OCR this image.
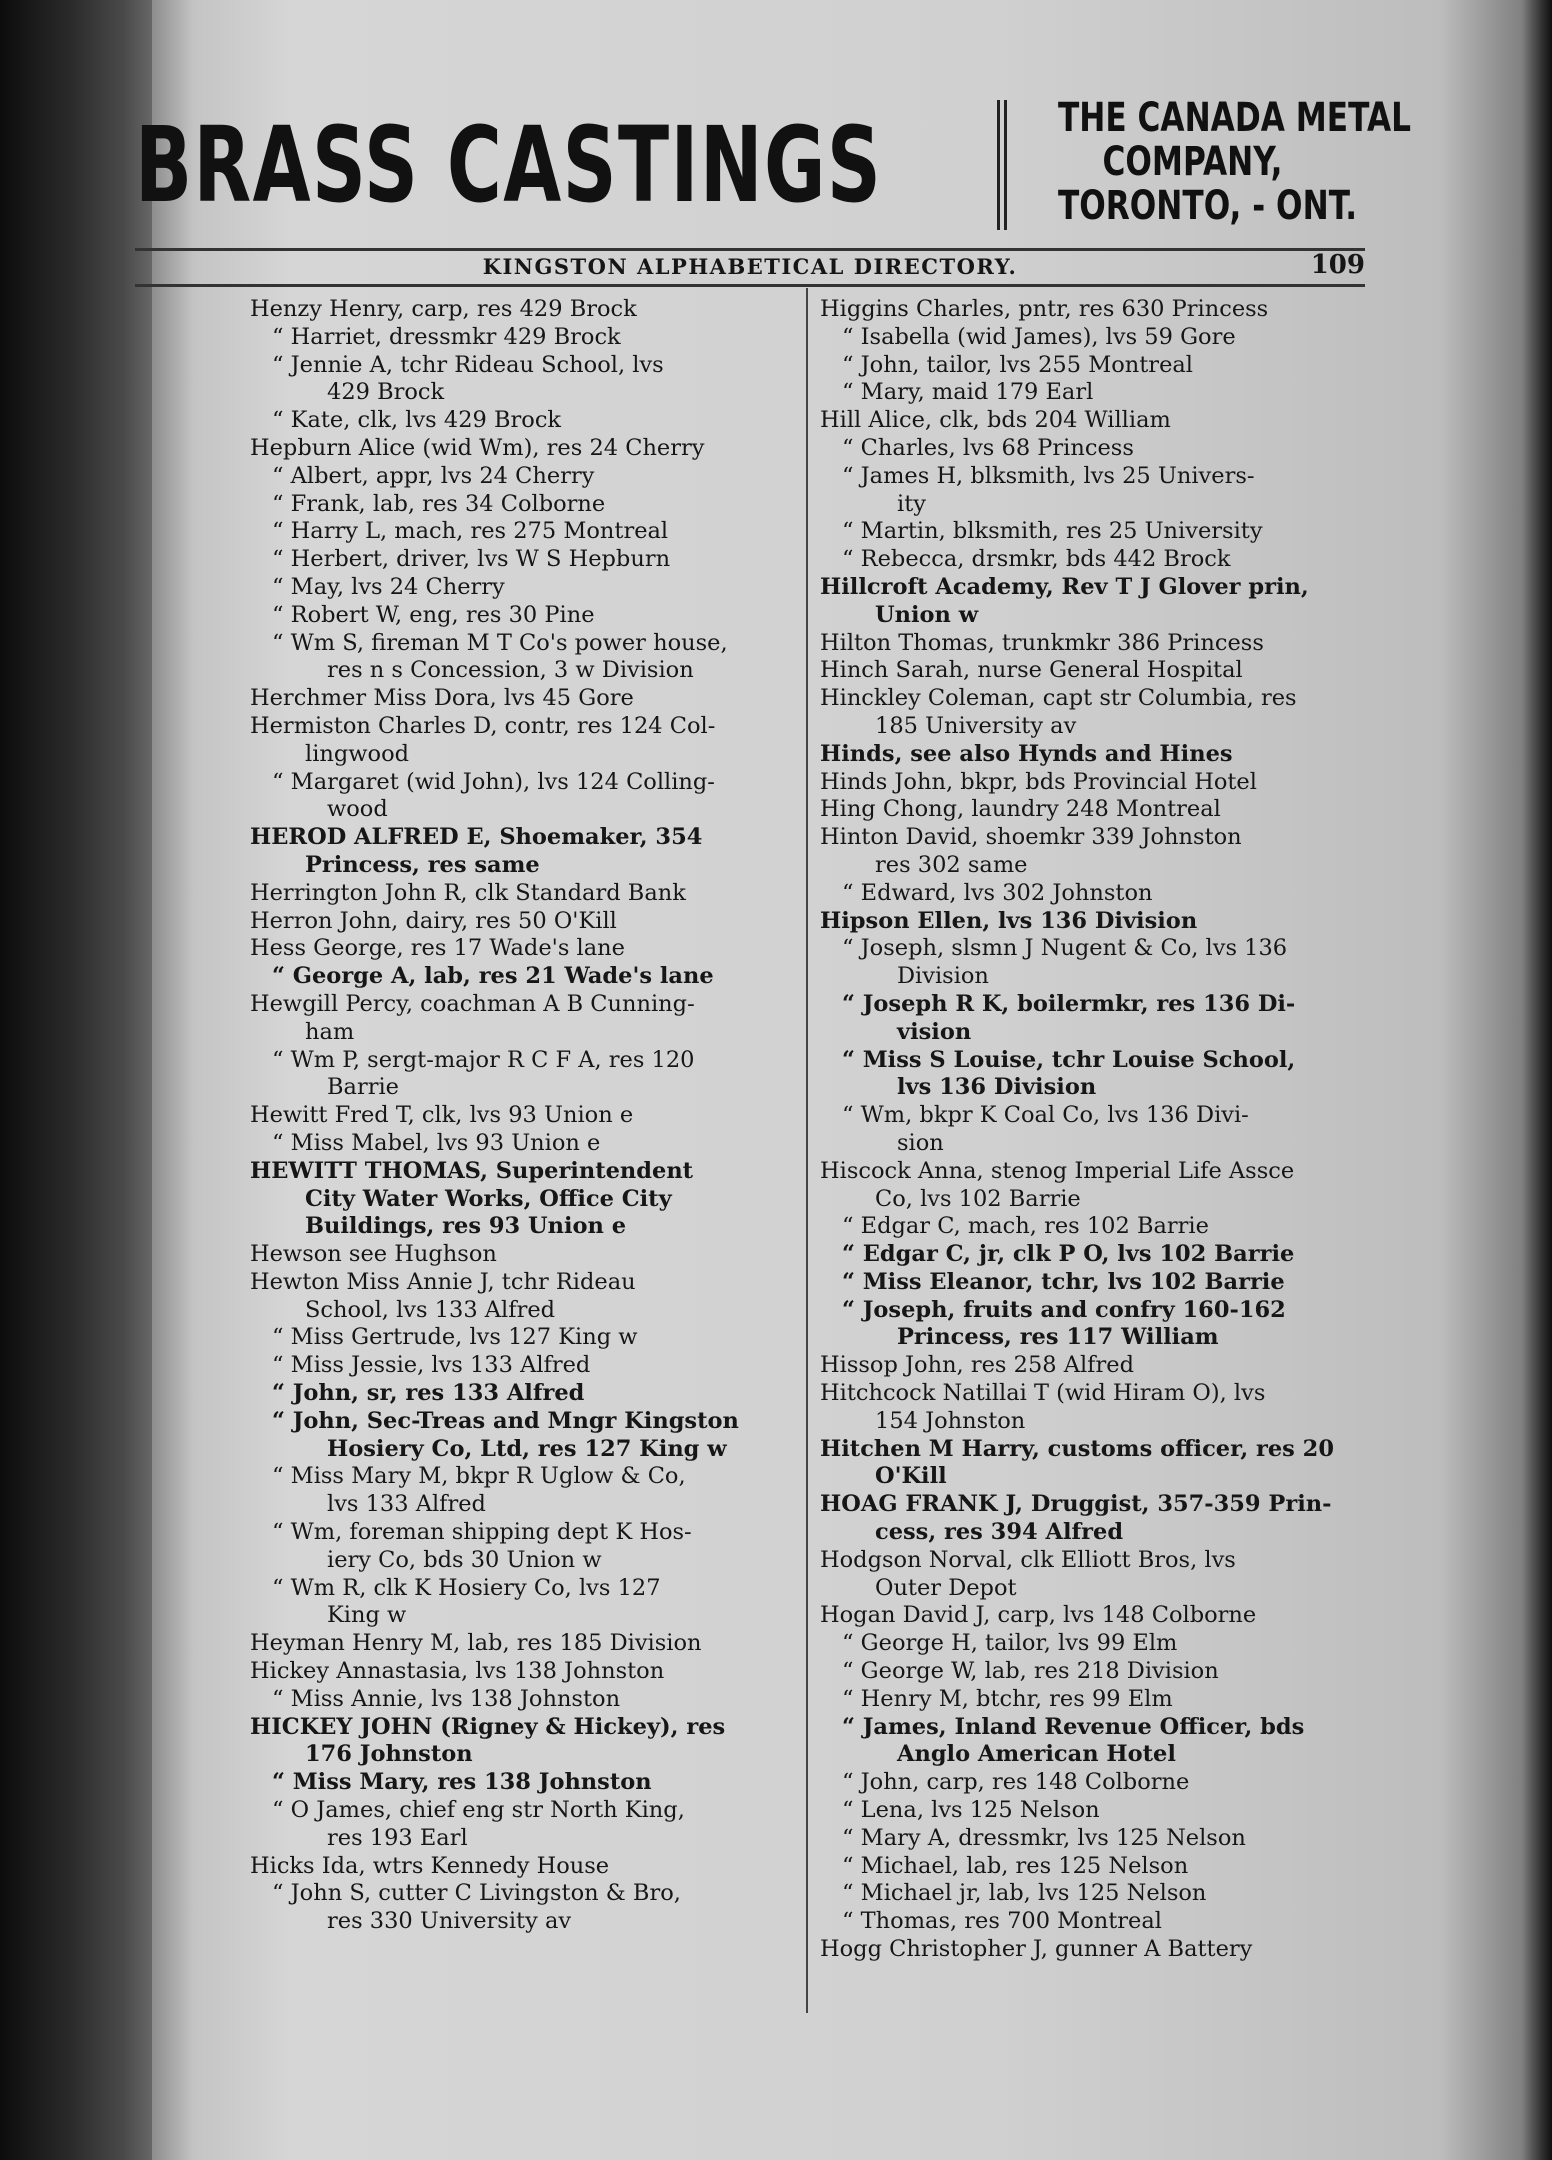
BRASS CASTINGS	THE CANADA METAL
COMPANY,
TORONTO, - ONT.
KINGSTON ALPHABETICAL DIRECTORY.	109

Henzy Henry, carp, res 429 Brock

“ Harriet, dressmkr 429 Brock

“ Jennie A, tchr Rideau School, lvs
429 Brock

“ Kate, clk, lvs 429 Brock

Hepburn Alice (wid Wm), res 24 Cherry

“ Albert, appr, lvs 24 Cherry

“ Frank, lab, res 34 Colborne

“ Harry L, mach, res 275 Montreal

“ Herbert, driver, lvs W S Hepburn

“ May, lvs 24 Cherry

“ Robert W, eng, res 30 Pine

“ Wm S, fireman M T Co's power house,
res n s Concession, 3 w Division

Herchmer Miss Dora, lvs 45 Gore

Hermiston Charles D, contr, res 124 Col-
lingwood

“ Margaret (wid John), lvs 124 Colling-
wood

HEROD ALFRED E, Shoemaker, 354
Princess, res same

Herrington John R, clk Standard Bank

Herron John, dairy, res 50 O'Kill

Hess George, res 17 Wade's lane

“ George A, lab, res 21 Wade's lane

Hewgill Percy, coachman A B Cunning-
ham

“ Wm P, sergt-major R C F A, res 120
Barrie

Hewitt Fred T, clk, lvs 93 Union e

“ Miss Mabel, lvs 93 Union e

HEWITT THOMAS, Superintendent
City Water Works, Office City
Buildings, res 93 Union e

Hewson see Hughson

Hewton Miss Annie J, tchr Rideau
School, lvs 133 Alfred

“ Miss Gertrude, lvs 127 King w

“ Miss Jessie, lvs 133 Alfred

“ John, sr, res 133 Alfred

“ John, Sec-Treas and Mngr Kingston
Hosiery Co, Ltd, res 127 King w

“ Miss Mary M, bkpr R Uglow & Co,
lvs 133 Alfred

“ Wm, foreman shipping dept K Hos-
iery Co, bds 30 Union w

“ Wm R, clk K Hosiery Co, lvs 127
King w

Heyman Henry M, lab, res 185 Division

Hickey Annastasia, lvs 138 Johnston

“ Miss Annie, lvs 138 Johnston

HICKEY JOHN (Rigney & Hickey), res
176 Johnston

“ Miss Mary, res 138 Johnston

“ O James, chief eng str North King,
res 193 Earl

Hicks Ida, wtrs Kennedy House

“ John S, cutter C Livingston & Bro,
res 330 University av

Higgins Charles, pntr, res 630 Princess

“ Isabella (wid James), lvs 59 Gore

“ John, tailor, lvs 255 Montreal

“ Mary, maid 179 Earl

Hill Alice, clk, bds 204 William

“ Charles, lvs 68 Princess

“ James H, blksmith, lvs 25 Univers-
ity

“ Martin, blksmith, res 25 University

“ Rebecca, drsmkr, bds 442 Brock

Hillcroft Academy, Rev T J Glover prin,
Union w

Hilton Thomas, trunkmkr 386 Princess

Hinch Sarah, nurse General Hospital

Hinckley Coleman, capt str Columbia, res
185 University av

Hinds, see also Hynds and Hines

Hinds John, bkpr, bds Provincial Hotel

Hing Chong, laundry 248 Montreal

Hinton David, shoemkr 339 Johnston
res 302 same

“ Edward, lvs 302 Johnston

Hipson Ellen, lvs 136 Division

“ Joseph, slsmn J Nugent & Co, lvs 136
Division

“ Joseph R K, boilermkr, res 136 Di-
vision

“ Miss S Louise, tchr Louise School,
lvs 136 Division

“ Wm, bkpr K Coal Co, lvs 136 Divi-
sion

Hiscock Anna, stenog Imperial Life Assce
Co, lvs 102 Barrie

“ Edgar C, mach, res 102 Barrie

“ Edgar C, jr, clk P O, lvs 102 Barrie

“ Miss Eleanor, tchr, lvs 102 Barrie

“ Joseph, fruits and confry 160-162
Princess, res 117 William

Hissop John, res 258 Alfred

Hitchcock Natillai T (wid Hiram O), lvs
154 Johnston

Hitchen M Harry, customs officer, res 20
O'Kill

HOAG FRANK J, Druggist, 357-359 Prin-
cess, res 394 Alfred

Hodgson Norval, clk Elliott Bros, lvs
Outer Depot

Hogan David J, carp, lvs 148 Colborne

“ George H, tailor, lvs 99 Elm

“ George W, lab, res 218 Division

“ Henry M, btchr, res 99 Elm

“ James, Inland Revenue Officer, bds
Anglo American Hotel

“ John, carp, res 148 Colborne

“ Lena, lvs 125 Nelson

“ Mary A, dressmkr, lvs 125 Nelson

“ Michael, lab, res 125 Nelson

“ Michael jr, lab, lvs 125 Nelson

“ Thomas, res 700 Montreal

Hogg Christopher J, gunner A Battery
